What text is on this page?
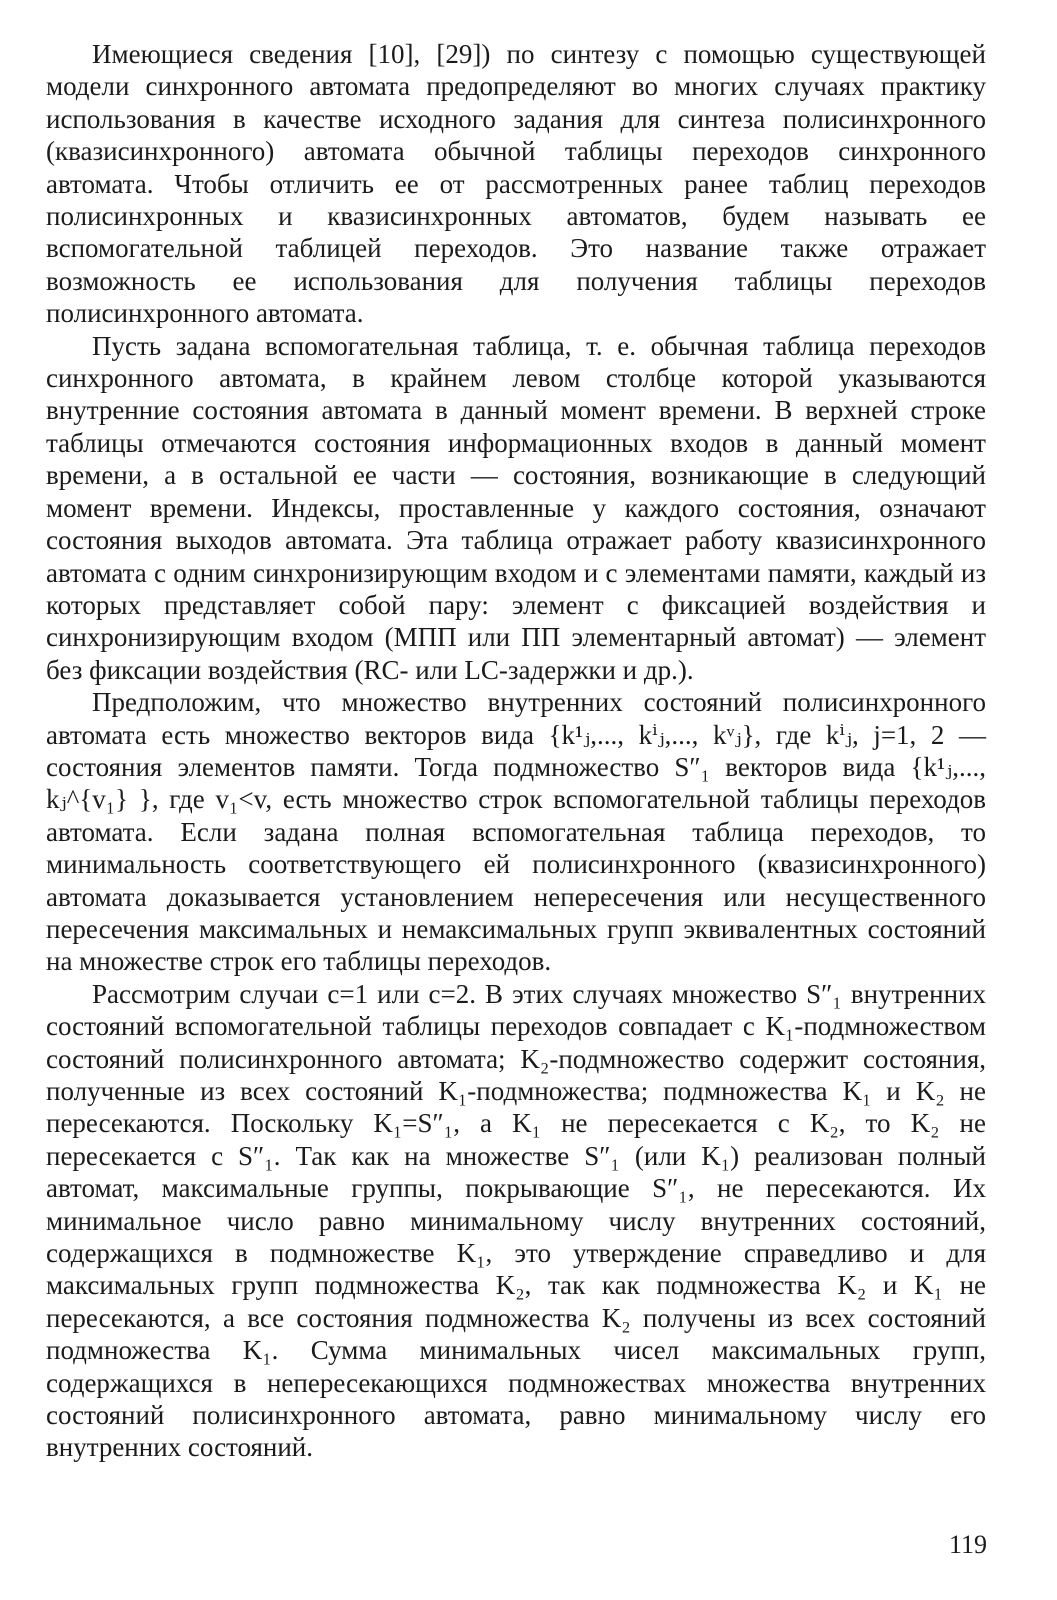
Имеющиеся сведения [10], [29]) по синтезу с помощью существующей модели синхронного автомата предопределяют во многих случаях практику использования в качестве исходного задания для синтеза полисинхронного (квазисинхронного) автомата обычной таблицы переходов синхронного автомата. Чтобы отличить ее от рассмотренных ранее таблиц переходов полисинхронных и квазисинхронных автоматов, будем называть ее вспомогательной таблицей переходов. Это название также отражает возможность ее использования для получения таблицы переходов полисинхронного автомата.

Пусть задана вспомогательная таблица, т. е. обычная таблица переходов синхронного автомата, в крайнем левом столбце которой указываются внутренние состояния автомата в данный момент времени. В верхней строке таблицы отмечаются состояния информационных входов в данный момент времени, а в остальной ее части — состояния, возникающие в следующий момент времени. Индексы, проставленные у каждого состояния, означают состояния выходов автомата. Эта таблица отражает работу квазисинхронного автомата с одним синхронизирующим входом и с элементами памяти, каждый из которых представляет собой пару: элемент с фиксацией воздействия и синхронизирующим входом (МПП или ПП элементарный автомат) — элемент без фиксации воздействия (RC- или LC-задержки и др.).

Предположим, что множество внутренних состояний полисинхронного автомата есть множество векторов вида {k¹ⱼ,..., kⁱⱼ,..., kᵛⱼ}, где kⁱⱼ, j=1, 2 — состояния элементов памяти. Тогда подмножество S″₁ векторов вида {k¹ⱼ,..., kⱼ^{v₁} }, где v₁<v, есть множество строк вспомогательной таблицы переходов автомата. Если задана полная вспомогательная таблица переходов, то минимальность соответствующего ей полисинхронного (квазисинхронного) автомата доказывается установлением непересечения или несущественного пересечения максимальных и немаксимальных групп эквивалентных состояний на множестве строк его таблицы переходов.

Рассмотрим случаи c=1 или c=2. В этих случаях множество S″₁ внутренних состояний вспомогательной таблицы переходов совпадает с K₁-подмножеством состояний полисинхронного автомата; K₂-подмножество содержит состояния, полученные из всех состояний K₁-подмножества; подмножества K₁ и K₂ не пересекаются. Поскольку K₁=S″₁, а K₁ не пересекается с K₂, то K₂ не пересекается с S″₁. Так как на множестве S″₁ (или K₁) реализован полный автомат, максимальные группы, покрывающие S″₁, не пересекаются. Их минимальное число равно минимальному числу внутренних состояний, содержащихся в подмножестве K₁, это утверждение справедливо и для максимальных групп подмножества K₂, так как подмножества K₂ и K₁ не пересекаются, а все состояния подмножества K₂ получены из всех состояний подмножества K₁. Сумма минимальных чисел максимальных групп, содержащихся в непересекающихся подмножествах множества внутренних состояний полисинхронного автомата, равно минимальному числу его внутренних состояний.

119
